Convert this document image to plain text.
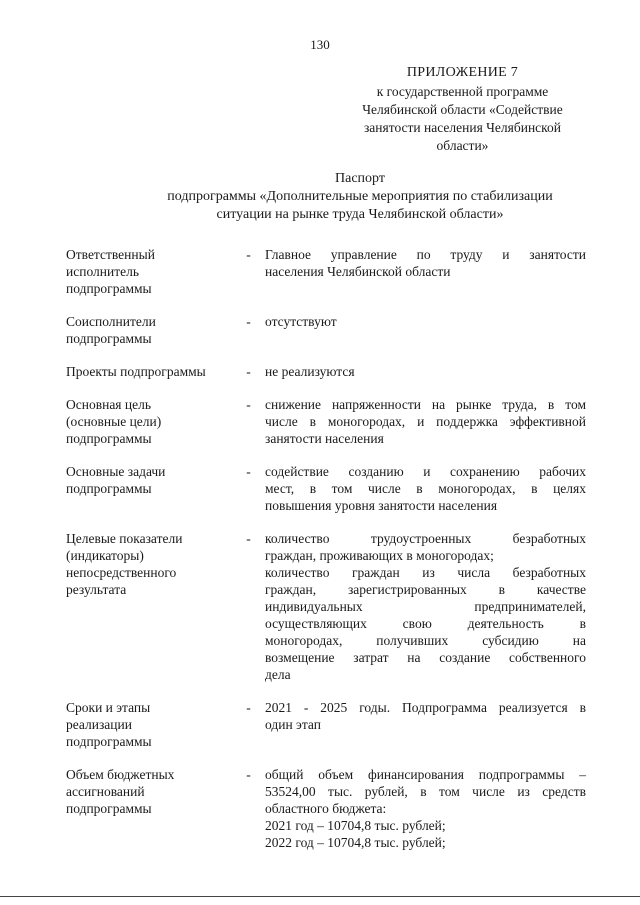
130
ПРИЛОЖЕНИЕ 7
к государственной программе
Челябинской области «Содействие
занятости населения Челябинской
области»
Паспорт
подпрограммы «Дополнительные мероприятия по стабилизации
ситуации на рынке труда Челябинской области»
Ответственный
исполнитель
подпрограммы
-	Главное управление по труду и занятости
населения Челябинской области
Соисполнители
подпрограммы
-	отсутствуют
Проекты подпрограммы	-	не реализуются
Основная цель
(основные цели)
подпрограммы
-	снижение напряженности на рынке труда, в том
числе в моногородах, и поддержка эффективной
занятости населения
Основные задачи
подпрограммы
-	содействие созданию и сохранению рабочих
мест, в том числе в моногородах, в целях
повышения уровня занятости населения
Целевые показатели
(индикаторы)
непосредственного
результата
-	количество трудоустроенных безработных
граждан, проживающих в моногородах;
количество граждан из числа безработных
граждан, зарегистрированных в качестве
индивидуальных предпринимателей,
осуществляющих свою деятельность в
моногородах, получивших субсидию на
возмещение затрат на создание собственного
дела
Сроки и этапы
реализации
подпрограммы
-	2021 - 2025 годы. Подпрограмма реализуется в
один этап
Объем бюджетных
ассигнований
подпрограммы
-	общий объем финансирования подпрограммы –
53524,00 тыс. рублей, в том числе из средств
областного бюджета:
2021 год – 10704,8 тыс. рублей;
2022 год – 10704,8 тыс. рублей;
